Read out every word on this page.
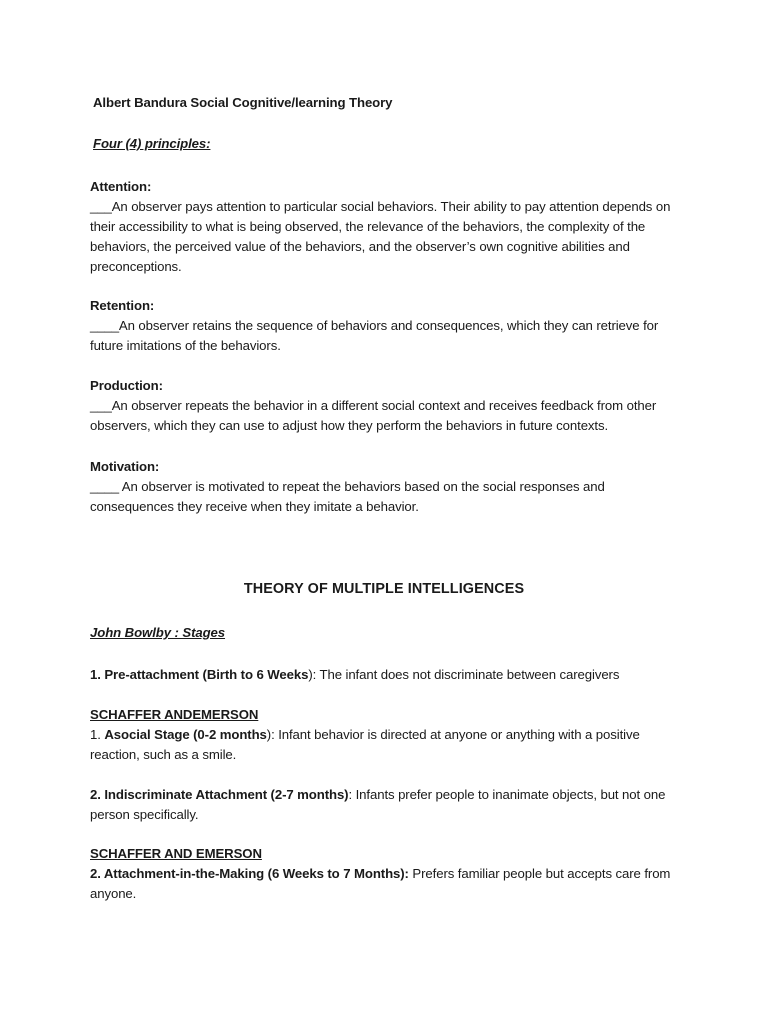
Albert Bandura Social Cognitive/learning Theory
Four (4) principles:
Attention:
___An observer pays attention to particular social behaviors. Their ability to pay attention depends on their accessibility to what is being observed, the relevance of the behaviors, the complexity of the behaviors, the perceived value of the behaviors, and the observer’s own cognitive abilities and preconceptions.
Retention:
____An observer retains the sequence of behaviors and consequences, which they can retrieve for future imitations of the behaviors.
Production:
___An observer repeats the behavior in a different social context and receives feedback from other observers, which they can use to adjust how they perform the behaviors in future contexts.
Motivation:
____ An observer is motivated to repeat the behaviors based on the social responses and consequences they receive when they imitate a behavior.
THEORY OF MULTIPLE INTELLIGENCES
John Bowlby : Stages
1. Pre-attachment (Birth to 6 Weeks): The infant does not discriminate between caregivers
SCHAFFER ANDEMERSON
1. Asocial Stage (0-2 months): Infant behavior is directed at anyone or anything with a positive reaction, such as a smile.
2. Indiscriminate Attachment (2-7 months): Infants prefer people to inanimate objects, but not one person specifically.
SCHAFFER AND EMERSON
2. Attachment-in-the-Making (6 Weeks to 7 Months): Prefers familiar people but accepts care from anyone.
